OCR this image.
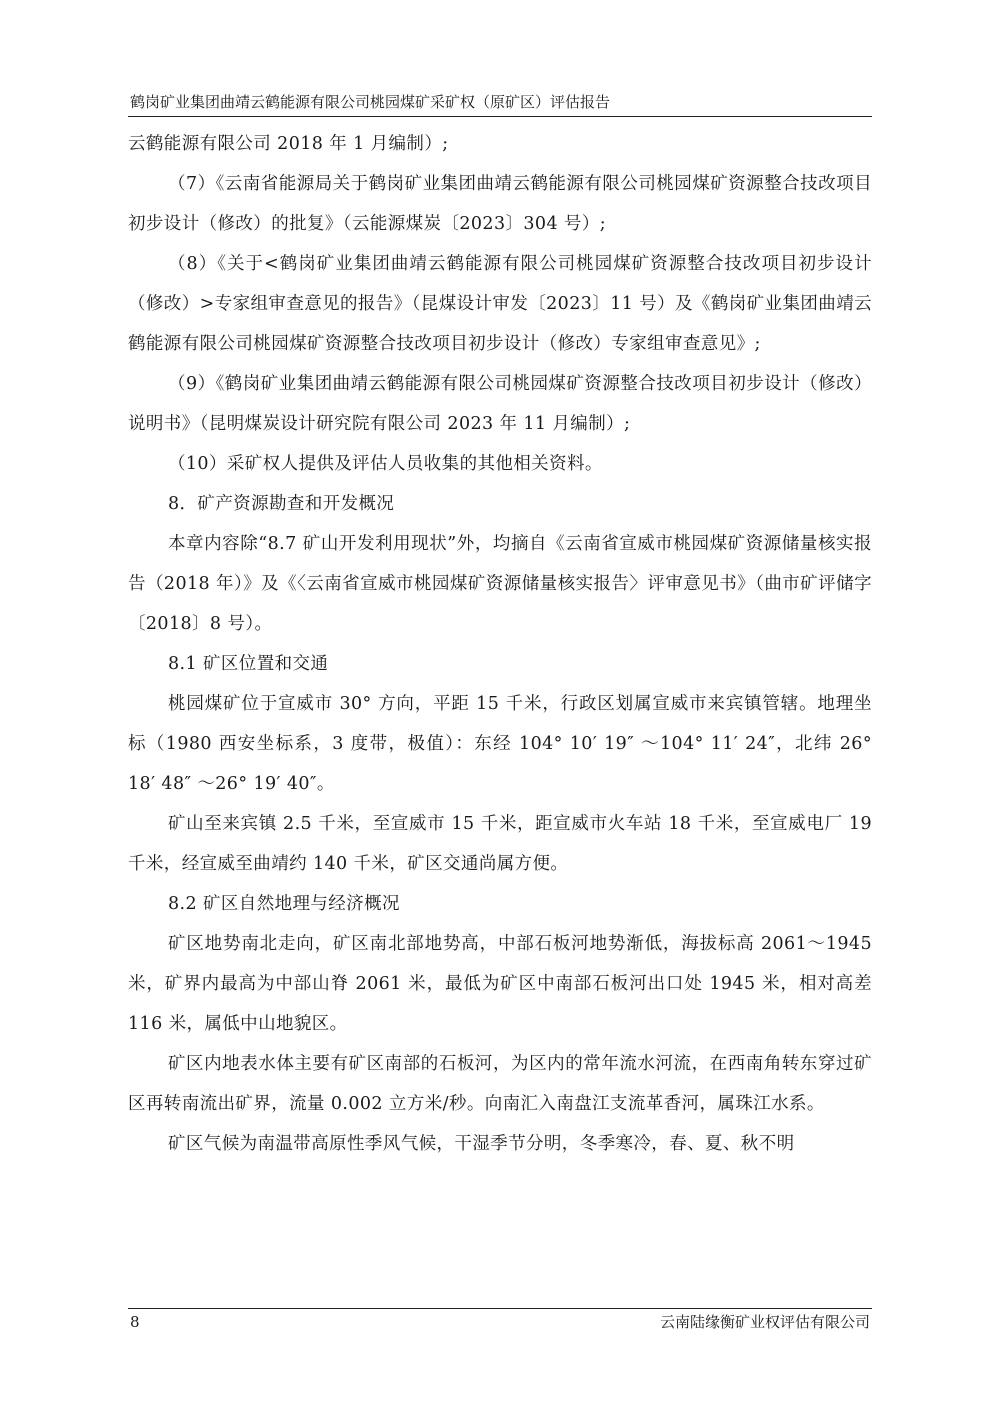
鹤岗矿业集团曲靖云鹤能源有限公司桃园煤矿采矿权（原矿区）评估报告

云鹤能源有限公司 2018 年 1 月编制）;

（7）《云南省能源局关于鹤岗矿业集团曲靖云鹤能源有限公司桃园煤矿资源整合技改项目初步设计（修改）的批复》（云能源煤炭〔2023〕304 号）;

（8）《关于<鹤岗矿业集团曲靖云鹤能源有限公司桃园煤矿资源整合技改项目初步设计（修改）>专家组审查意见的报告》（昆煤设计审发〔2023〕11 号）及《鹤岗矿业集团曲靖云鹤能源有限公司桃园煤矿资源整合技改项目初步设计（修改）专家组审查意见》;

（9）《鹤岗矿业集团曲靖云鹤能源有限公司桃园煤矿资源整合技改项目初步设计（修改）说明书》（昆明煤炭设计研究院有限公司 2023 年 11 月编制）;

（10）采矿权人提供及评估人员收集的其他相关资料。

8．矿产资源勘查和开发概况

本章内容除“8.7 矿山开发利用现状”外，均摘自《云南省宣威市桃园煤矿资源储量核实报告（2018 年）》及《〈云南省宣威市桃园煤矿资源储量核实报告〉评审意见书》（曲市矿评储字〔2018〕8 号）。

8.1 矿区位置和交通

桃园煤矿位于宣威市 30° 方向，平距 15 千米，行政区划属宣威市来宾镇管辖。地理坐标（1980 西安坐标系，3 度带，极值）：东经 104° 10′ 19″ ～104° 11′ 24″，北纬 26° 18′ 48″ ～26° 19′ 40″。

矿山至来宾镇 2.5 千米，至宣威市 15 千米，距宣威市火车站 18 千米，至宣威电厂 19 千米，经宣威至曲靖约 140 千米，矿区交通尚属方便。

8.2 矿区自然地理与经济概况

矿区地势南北走向，矿区南北部地势高，中部石板河地势渐低，海拔标高 2061～1945 米，矿界内最高为中部山脊 2061 米，最低为矿区中南部石板河出口处 1945 米，相对高差 116 米，属低中山地貌区。

矿区内地表水体主要有矿区南部的石板河，为区内的常年流水河流，在西南角转东穿过矿区再转南流出矿界，流量 0.002 立方米/秒。向南汇入南盘江支流革香河，属珠江水系。

矿区气候为南温带高原性季风气候，干湿季节分明，冬季寒冷，春、夏、秋不明

8	云南陆缘衡矿业权评估有限公司
